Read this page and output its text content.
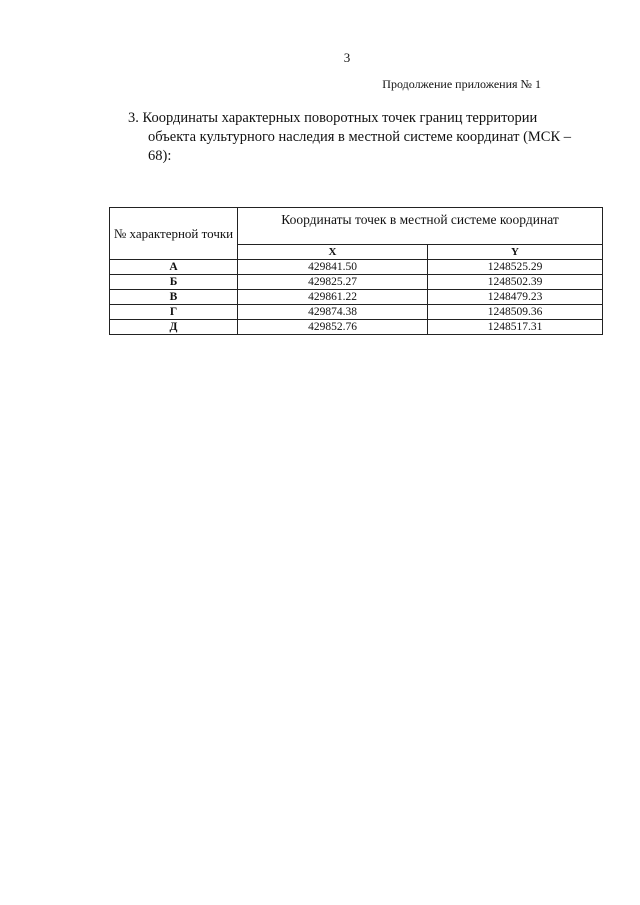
3
Продолжение приложения № 1
3. Координаты характерных поворотных точек границ территории
объекта культурного наследия в местной системе координат (МСК –
68):
№ характерной точки	Координаты точек в местной системе координат	
	X	Y
А	429841.50	1248525.29
Б	429825.27	1248502.39
В	429861.22	1248479.23
Г	429874.38	1248509.36
Д	429852.76	1248517.31
